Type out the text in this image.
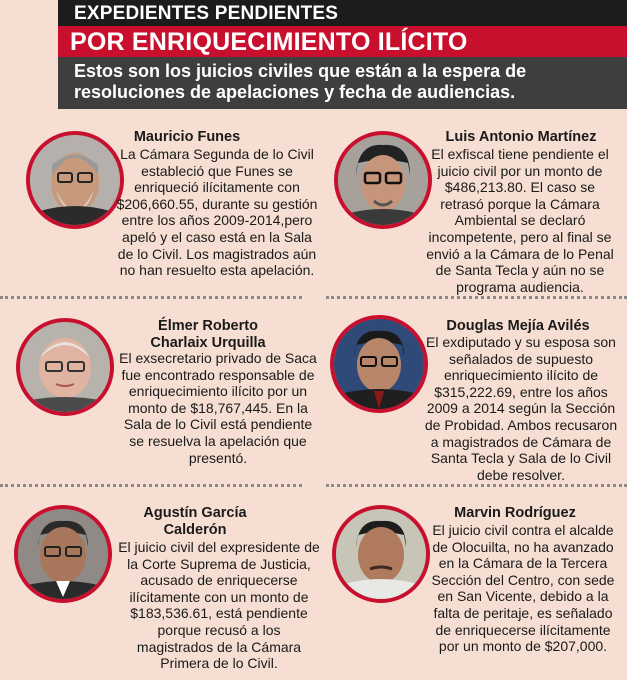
EXPEDIENTES PENDIENTES
POR ENRIQUECIMIENTO ILÍCITO
Estos son los juicios civiles que están a la espera de resoluciones de apelaciones y fecha de audiencias.
Mauricio Funes
La Cámara Segunda de lo Civil estableció que Funes se enriqueció ilícitamente con $206,660.55, durante su gestión entre los años 2009-2014,pero apeló y el caso está en la Sala de lo Civil. Los magistrados aún no han resuelto esta apelación.
Luis Antonio Martínez
El exfiscal tiene pendiente el juicio civil por un monto de $486,213.80. El caso se retrasó porque la Cámara Ambiental se declaró incompetente, pero al final se envió a la Cámara de lo Penal de Santa Tecla y aún no se programa audiencia.
Élmer Roberto Charlaix Urquilla
El exsecretario privado de Saca fue encontrado responsable de enriquecimiento ilícito por un monto de $18,767,445. En la Sala de lo Civil está pendiente se resuelva la apelación que presentó.
Douglas Mejía Avilés
El exdiputado y su esposa son señalados de supuesto enriquecimiento ilícito de $315,222.69, entre los años 2009 a 2014 según la Sección de Probidad. Ambos recusaron a magistrados de Cámara de Santa Tecla y Sala de lo Civil debe resolver.
Agustín García Calderón
El juicio civil del expresidente de la Corte Suprema de Justicia, acusado de enriquecerse ilícitamente con un monto de $183,536.61, está pendiente porque recusó a los magistrados de la Cámara Primera de lo Civil.
Marvin Rodríguez
El juicio civil contra el alcalde de Olocuilta, no ha avanzado en la Cámara de la Tercera Sección del Centro, con sede en San Vicente, debido a la falta de peritaje, es señalado de enriquecerse ilícitamente por un monto de $207,000.
